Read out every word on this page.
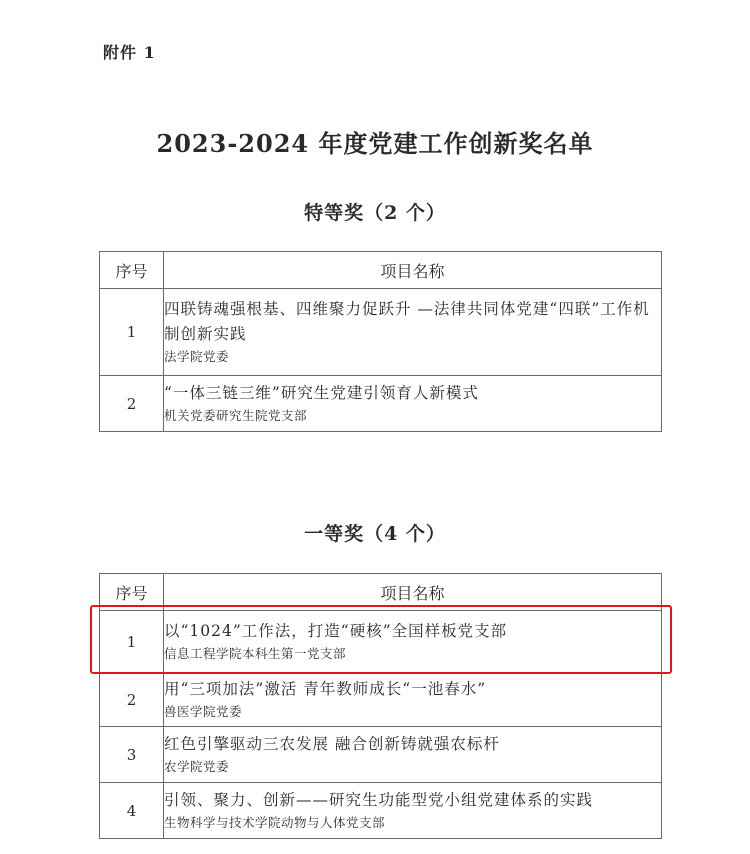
附件 1
2023-2024 年度党建工作创新奖名单
特等奖（2 个）
序号	项目名称
1	四联铸魂强根基、四维聚力促跃升 —法律共同体党建“四联”工作机制创新实践
法学院党委

2	“一体三链三维”研究生党建引领育人新模式
机关党委研究生院党支部
一等奖（4 个）
序号	项目名称
1	以“1024”工作法，打造“硬核”全国样板党支部
信息工程学院本科生第一党支部

2	用“三项加法”激活 青年教师成长“一池春水”
兽医学院党委

3	红色引擎驱动三农发展 融合创新铸就强农标杆
农学院党委

4	引领、聚力、创新——研究生功能型党小组党建体系的实践
生物科学与技术学院动物与人体党支部
